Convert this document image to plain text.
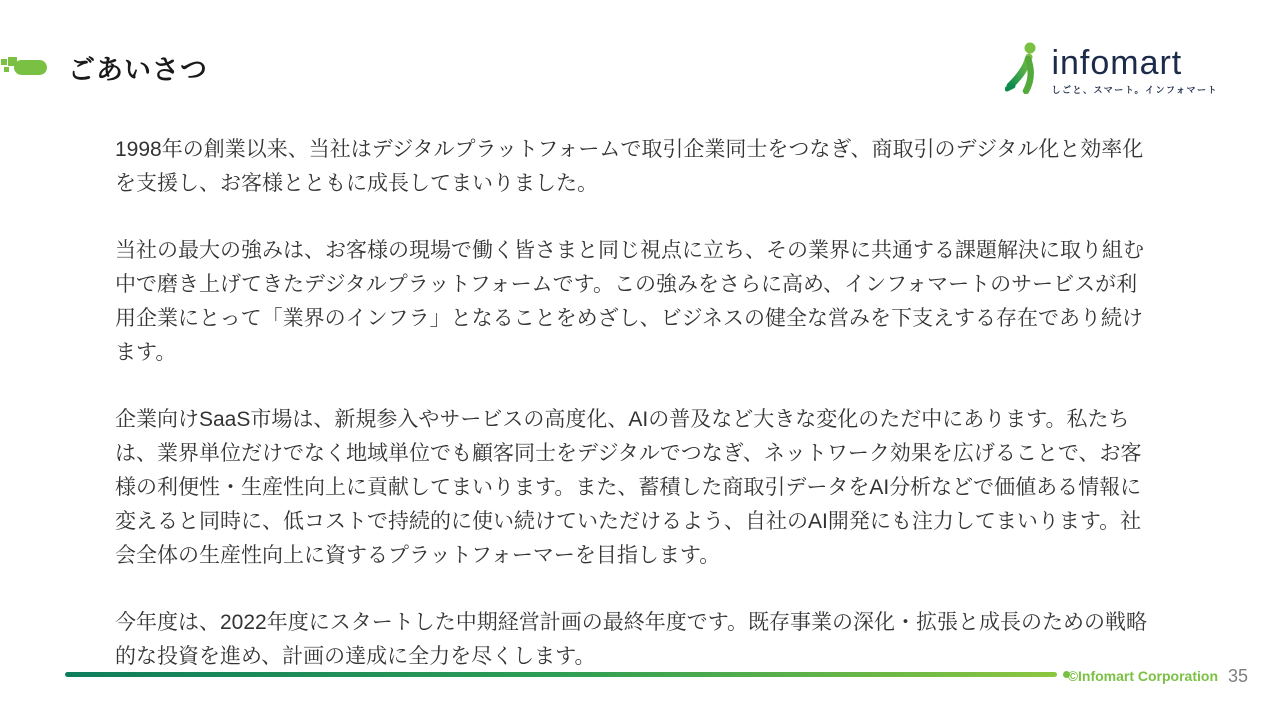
ごあいさつ	infomart
しごと、スマート。インフォマート

1998年の創業以来、当社はデジタルプラットフォームで取引企業同士をつなぎ、商取引のデジタル化と効率化を支援し、お客様とともに成長してまいりました。

当社の最大の強みは、お客様の現場で働く皆さまと同じ視点に立ち、その業界に共通する課題解決に取り組む中で磨き上げてきたデジタルプラットフォームです。この強みをさらに高め、インフォマートのサービスが利用企業にとって「業界のインフラ」となることをめざし、ビジネスの健全な営みを下支えする存在であり続けます。

企業向けSaaS市場は、新規参入やサービスの高度化、AIの普及など大きな変化のただ中にあります。私たちは、業界単位だけでなく地域単位でも顧客同士をデジタルでつなぎ、ネットワーク効果を広げることで、お客様の利便性・生産性向上に貢献してまいります。また、蓄積した商取引データをAI分析などで価値ある情報に変えると同時に、低コストで持続的に使い続けていただけるよう、自社のAI開発にも注力してまいります。社会全体の生産性向上に資するプラットフォーマーを目指します。

今年度は、2022年度にスタートした中期経営計画の最終年度です。既存事業の深化・拡張と成長のための戦略的な投資を進め、計画の達成に全力を尽くします。

©Infomart Corporation 35
